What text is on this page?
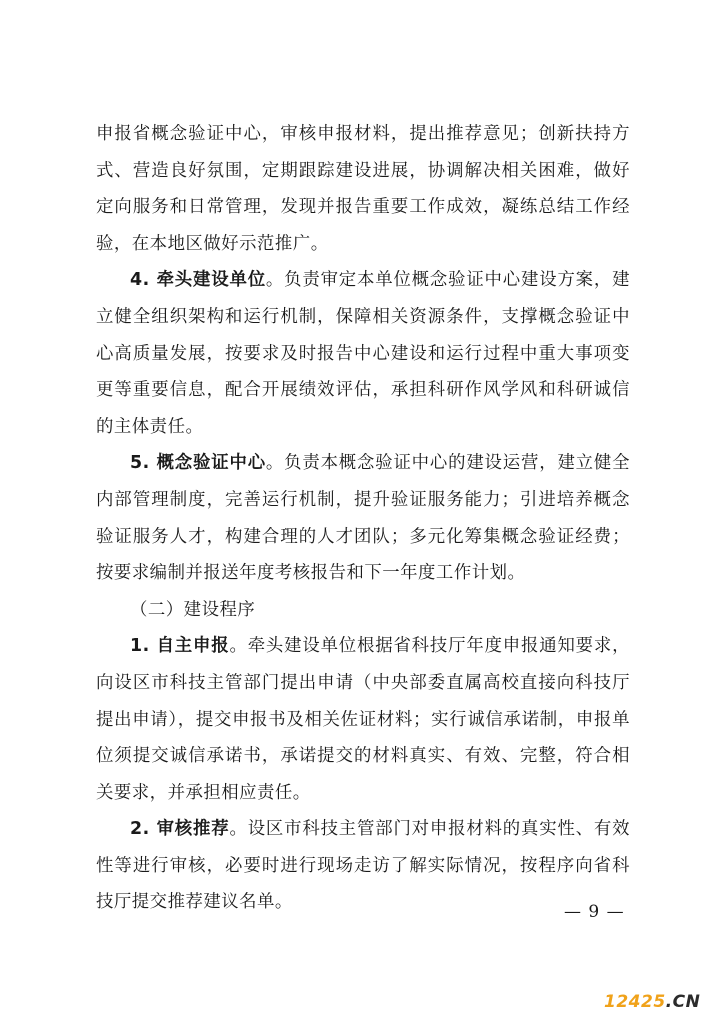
申报省概念验证中心，审核申报材料，提出推荐意见；创新扶持方式、营造良好氛围，定期跟踪建设进展，协调解决相关困难，做好定向服务和日常管理，发现并报告重要工作成效，凝练总结工作经验，在本地区做好示范推广。

4. 牵头建设单位。负责审定本单位概念验证中心建设方案，建立健全组织架构和运行机制，保障相关资源条件，支撑概念验证中心高质量发展，按要求及时报告中心建设和运行过程中重大事项变更等重要信息，配合开展绩效评估，承担科研作风学风和科研诚信的主体责任。

5. 概念验证中心。负责本概念验证中心的建设运营，建立健全内部管理制度，完善运行机制，提升验证服务能力；引进培养概念验证服务人才，构建合理的人才团队；多元化筹集概念验证经费；按要求编制并报送年度考核报告和下一年度工作计划。

（二）建设程序

1. 自主申报。牵头建设单位根据省科技厅年度申报通知要求，向设区市科技主管部门提出申请（中央部委直属高校直接向科技厅提出申请），提交申报书及相关佐证材料；实行诚信承诺制，申报单位须提交诚信承诺书，承诺提交的材料真实、有效、完整，符合相关要求，并承担相应责任。

2. 审核推荐。设区市科技主管部门对申报材料的真实性、有效性等进行审核，必要时进行现场走访了解实际情况，按程序向省科技厅提交推荐建议名单。	— 9 —
12425.CN
